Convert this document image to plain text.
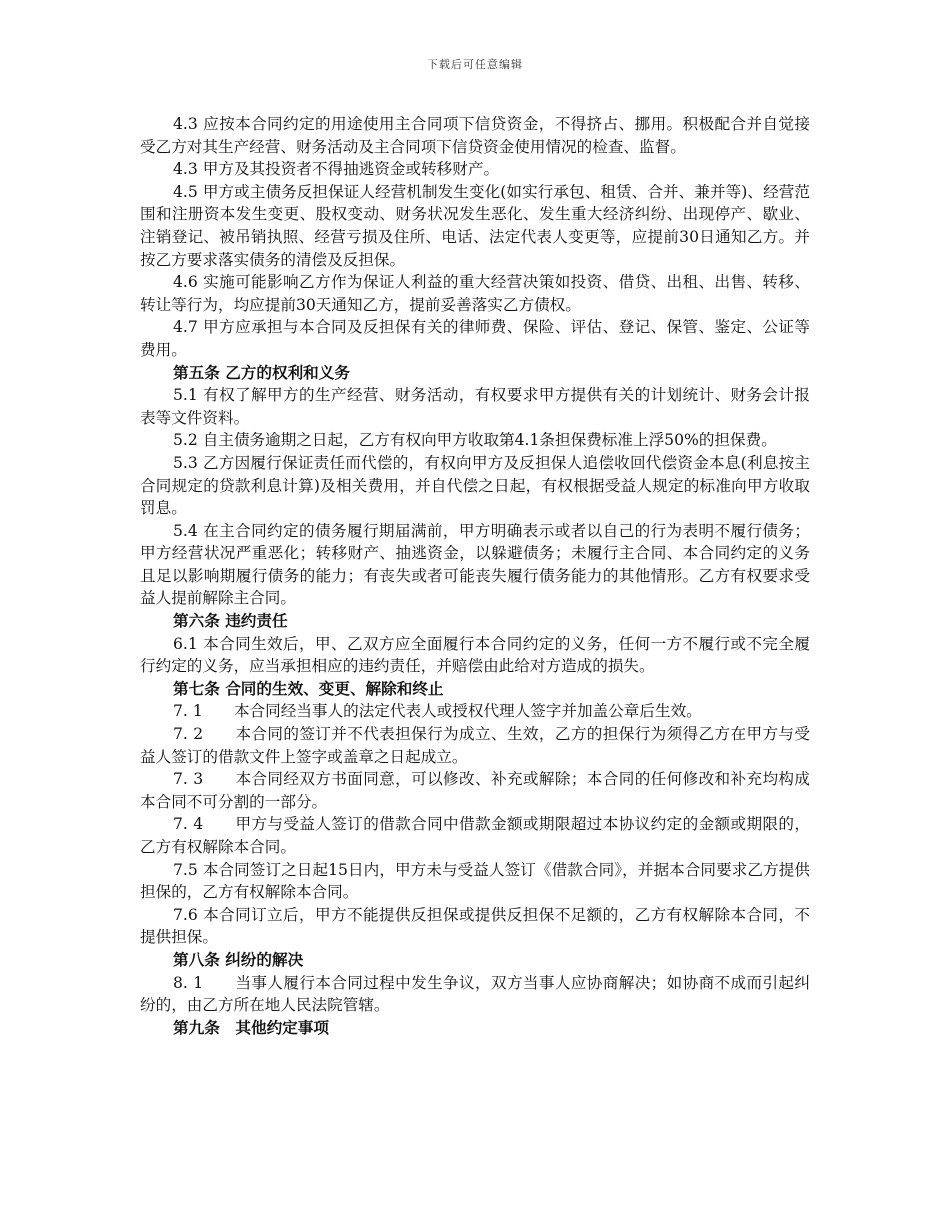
下载后可任意编辑

4.3 应按本合同约定的用途使用主合同项下信贷资金，不得挤占、挪用。积极配合并自觉接受乙方对其生产经营、财务活动及主合同项下信贷资金使用情况的检查、监督。

4.3 甲方及其投资者不得抽逃资金或转移财产。

4.5 甲方或主债务反担保证人经营机制发生变化(如实行承包、租赁、合并、兼并等)、经营范围和注册资本发生变更、股权变动、财务状况发生恶化、发生重大经济纠纷、出现停产、歇业、注销登记、被吊销执照、经营亏损及住所、电话、法定代表人变更等，应提前30日通知乙方。并按乙方要求落实债务的清偿及反担保。

4.6 实施可能影响乙方作为保证人利益的重大经营决策如投资、借贷、出租、出售、转移、转让等行为，均应提前30天通知乙方，提前妥善落实乙方债权。

4.7 甲方应承担与本合同及反担保有关的律师费、保险、评估、登记、保管、鉴定、公证等费用。

第五条 乙方的权利和义务

5.1 有权了解甲方的生产经营、财务活动，有权要求甲方提供有关的计划统计、财务会计报表等文件资料。

5.2 自主债务逾期之日起，乙方有权向甲方收取第4.1条担保费标准上浮50%的担保费。

5.3 乙方因履行保证责任而代偿的，有权向甲方及反担保人追偿收回代偿资金本息(利息按主合同规定的贷款利息计算)及相关费用，并自代偿之日起，有权根据受益人规定的标准向甲方收取罚息。

5.4 在主合同约定的债务履行期届满前，甲方明确表示或者以自己的行为表明不履行债务；甲方经营状况严重恶化；转移财产、抽逃资金，以躲避债务；未履行主合同、本合同约定的义务且足以影响期履行债务的能力；有丧失或者可能丧失履行债务能力的其他情形。乙方有权要求受益人提前解除主合同。

第六条 违约责任

6.1 本合同生效后，甲、乙双方应全面履行本合同约定的义务，任何一方不履行或不完全履行约定的义务，应当承担相应的违约责任，并赔偿由此给对方造成的损失。

第七条 合同的生效、变更、解除和终止

7. 1　　本合同经当事人的法定代表人或授权代理人签字并加盖公章后生效。

7. 2　　本合同的签订并不代表担保行为成立、生效，乙方的担保行为须得乙方在甲方与受益人签订的借款文件上签字或盖章之日起成立。

7. 3　　本合同经双方书面同意，可以修改、补充或解除；本合同的任何修改和补充均构成本合同不可分割的一部分。

7. 4　　甲方与受益人签订的借款合同中借款金额或期限超过本协议约定的金额或期限的，乙方有权解除本合同。

7.5 本合同签订之日起15日内，甲方未与受益人签订《借款合同》，并据本合同要求乙方提供担保的，乙方有权解除本合同。

7.6 本合同订立后，甲方不能提供反担保或提供反担保不足额的，乙方有权解除本合同，不提供担保。

第八条 纠纷的解决

8. 1　　当事人履行本合同过程中发生争议，双方当事人应协商解决；如协商不成而引起纠纷的，由乙方所在地人民法院管辖。

第九条　其他约定事项
